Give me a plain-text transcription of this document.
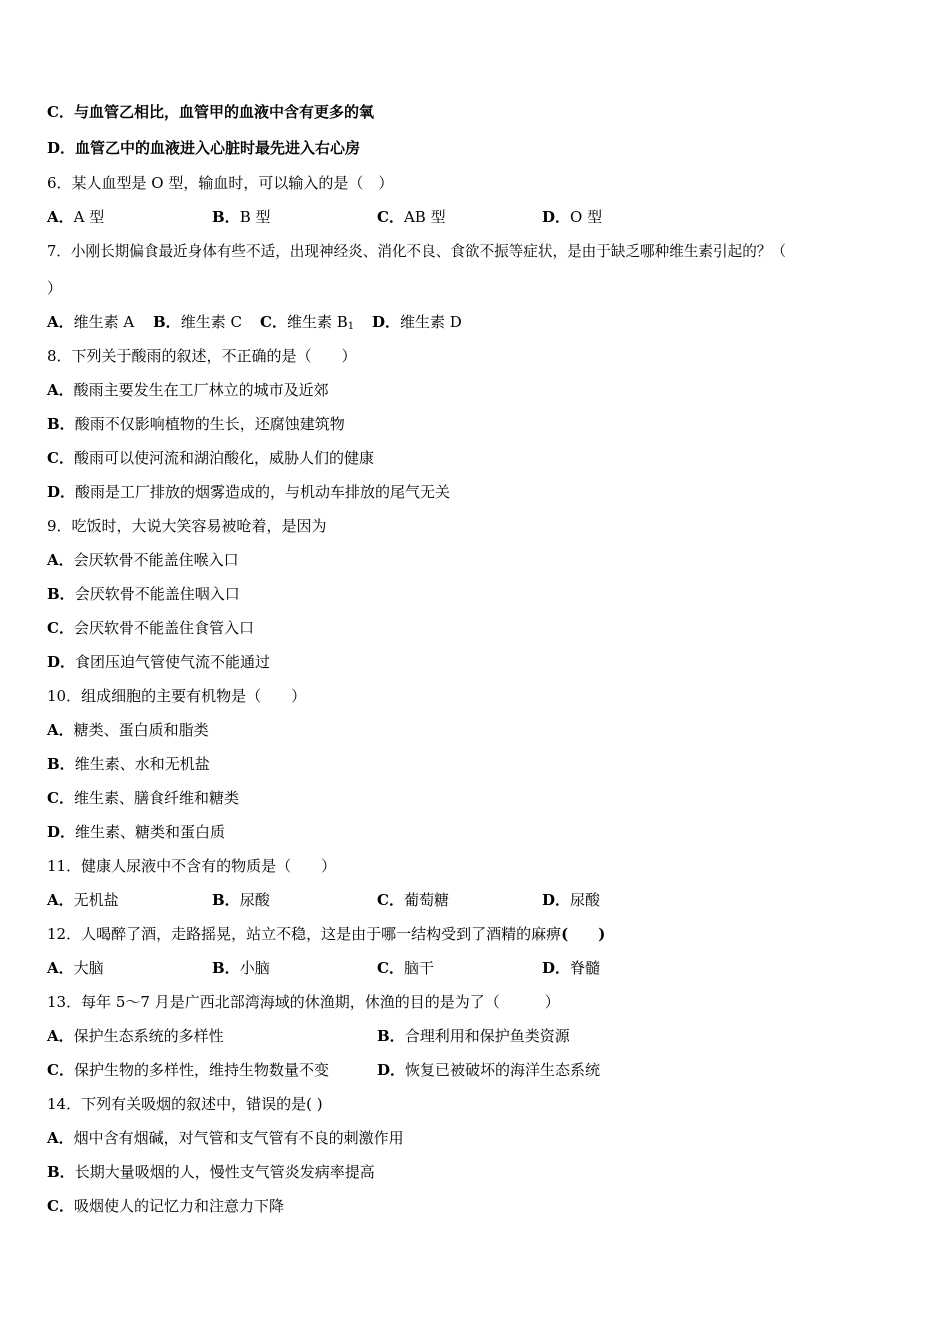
C．与血管乙相比，血管甲的血液中含有更多的氧
D．血管乙中的血液进入心脏时最先进入右心房
6．某人血型是 O 型，输血时，可以输入的是（　）
A．A 型	B．B 型	C．AB 型	D．O 型
7．小刚长期偏食最近身体有些不适，出现神经炎、消化不良、食欲不振等症状，是由于缺乏哪种维生素引起的？（
）
A．维生素 A B．维生素 C C．维生素 $B_1$ D．维生素 D
8．下列关于酸雨的叙述，不正确的是（　　）
A．酸雨主要发生在工厂林立的城市及近郊
B．酸雨不仅影响植物的生长，还腐蚀建筑物
C．酸雨可以使河流和湖泊酸化，威胁人们的健康
D．酸雨是工厂排放的烟雾造成的，与机动车排放的尾气无关
9．吃饭时，大说大笑容易被呛着，是因为
A．会厌软骨不能盖住喉入口
B．会厌软骨不能盖住咽入口
C．会厌软骨不能盖住食管入口
D．食团压迫气管使气流不能通过
10．组成细胞的主要有机物是（　　）
A．糖类、蛋白质和脂类
B．维生素、水和无机盐
C．维生素、膳食纤维和糖类
D．维生素、糖类和蛋白质
11．健康人尿液中不含有的物质是（　　）
A．无机盐	B．尿酸	C．葡萄糖	D．尿酸
12．人喝醉了酒，走路摇晃，站立不稳，这是由于哪一结构受到了酒精的麻痹(　　)
A．大脑	B．小脑	C．脑干	D．脊髓
13．每年 5～7 月是广西北部湾海域的休渔期，休渔的目的是为了（　　　）
A．保护生态系统的多样性	B．合理利用和保护鱼类资源
C．保护生物的多样性，维持生物数量不变	D．恢复已被破坏的海洋生态系统
14．下列有关吸烟的叙述中，错误的是( )
A．烟中含有烟碱，对气管和支气管有不良的刺激作用
B．长期大量吸烟的人，慢性支气管炎发病率提高
C．吸烟使人的记忆力和注意力下降
